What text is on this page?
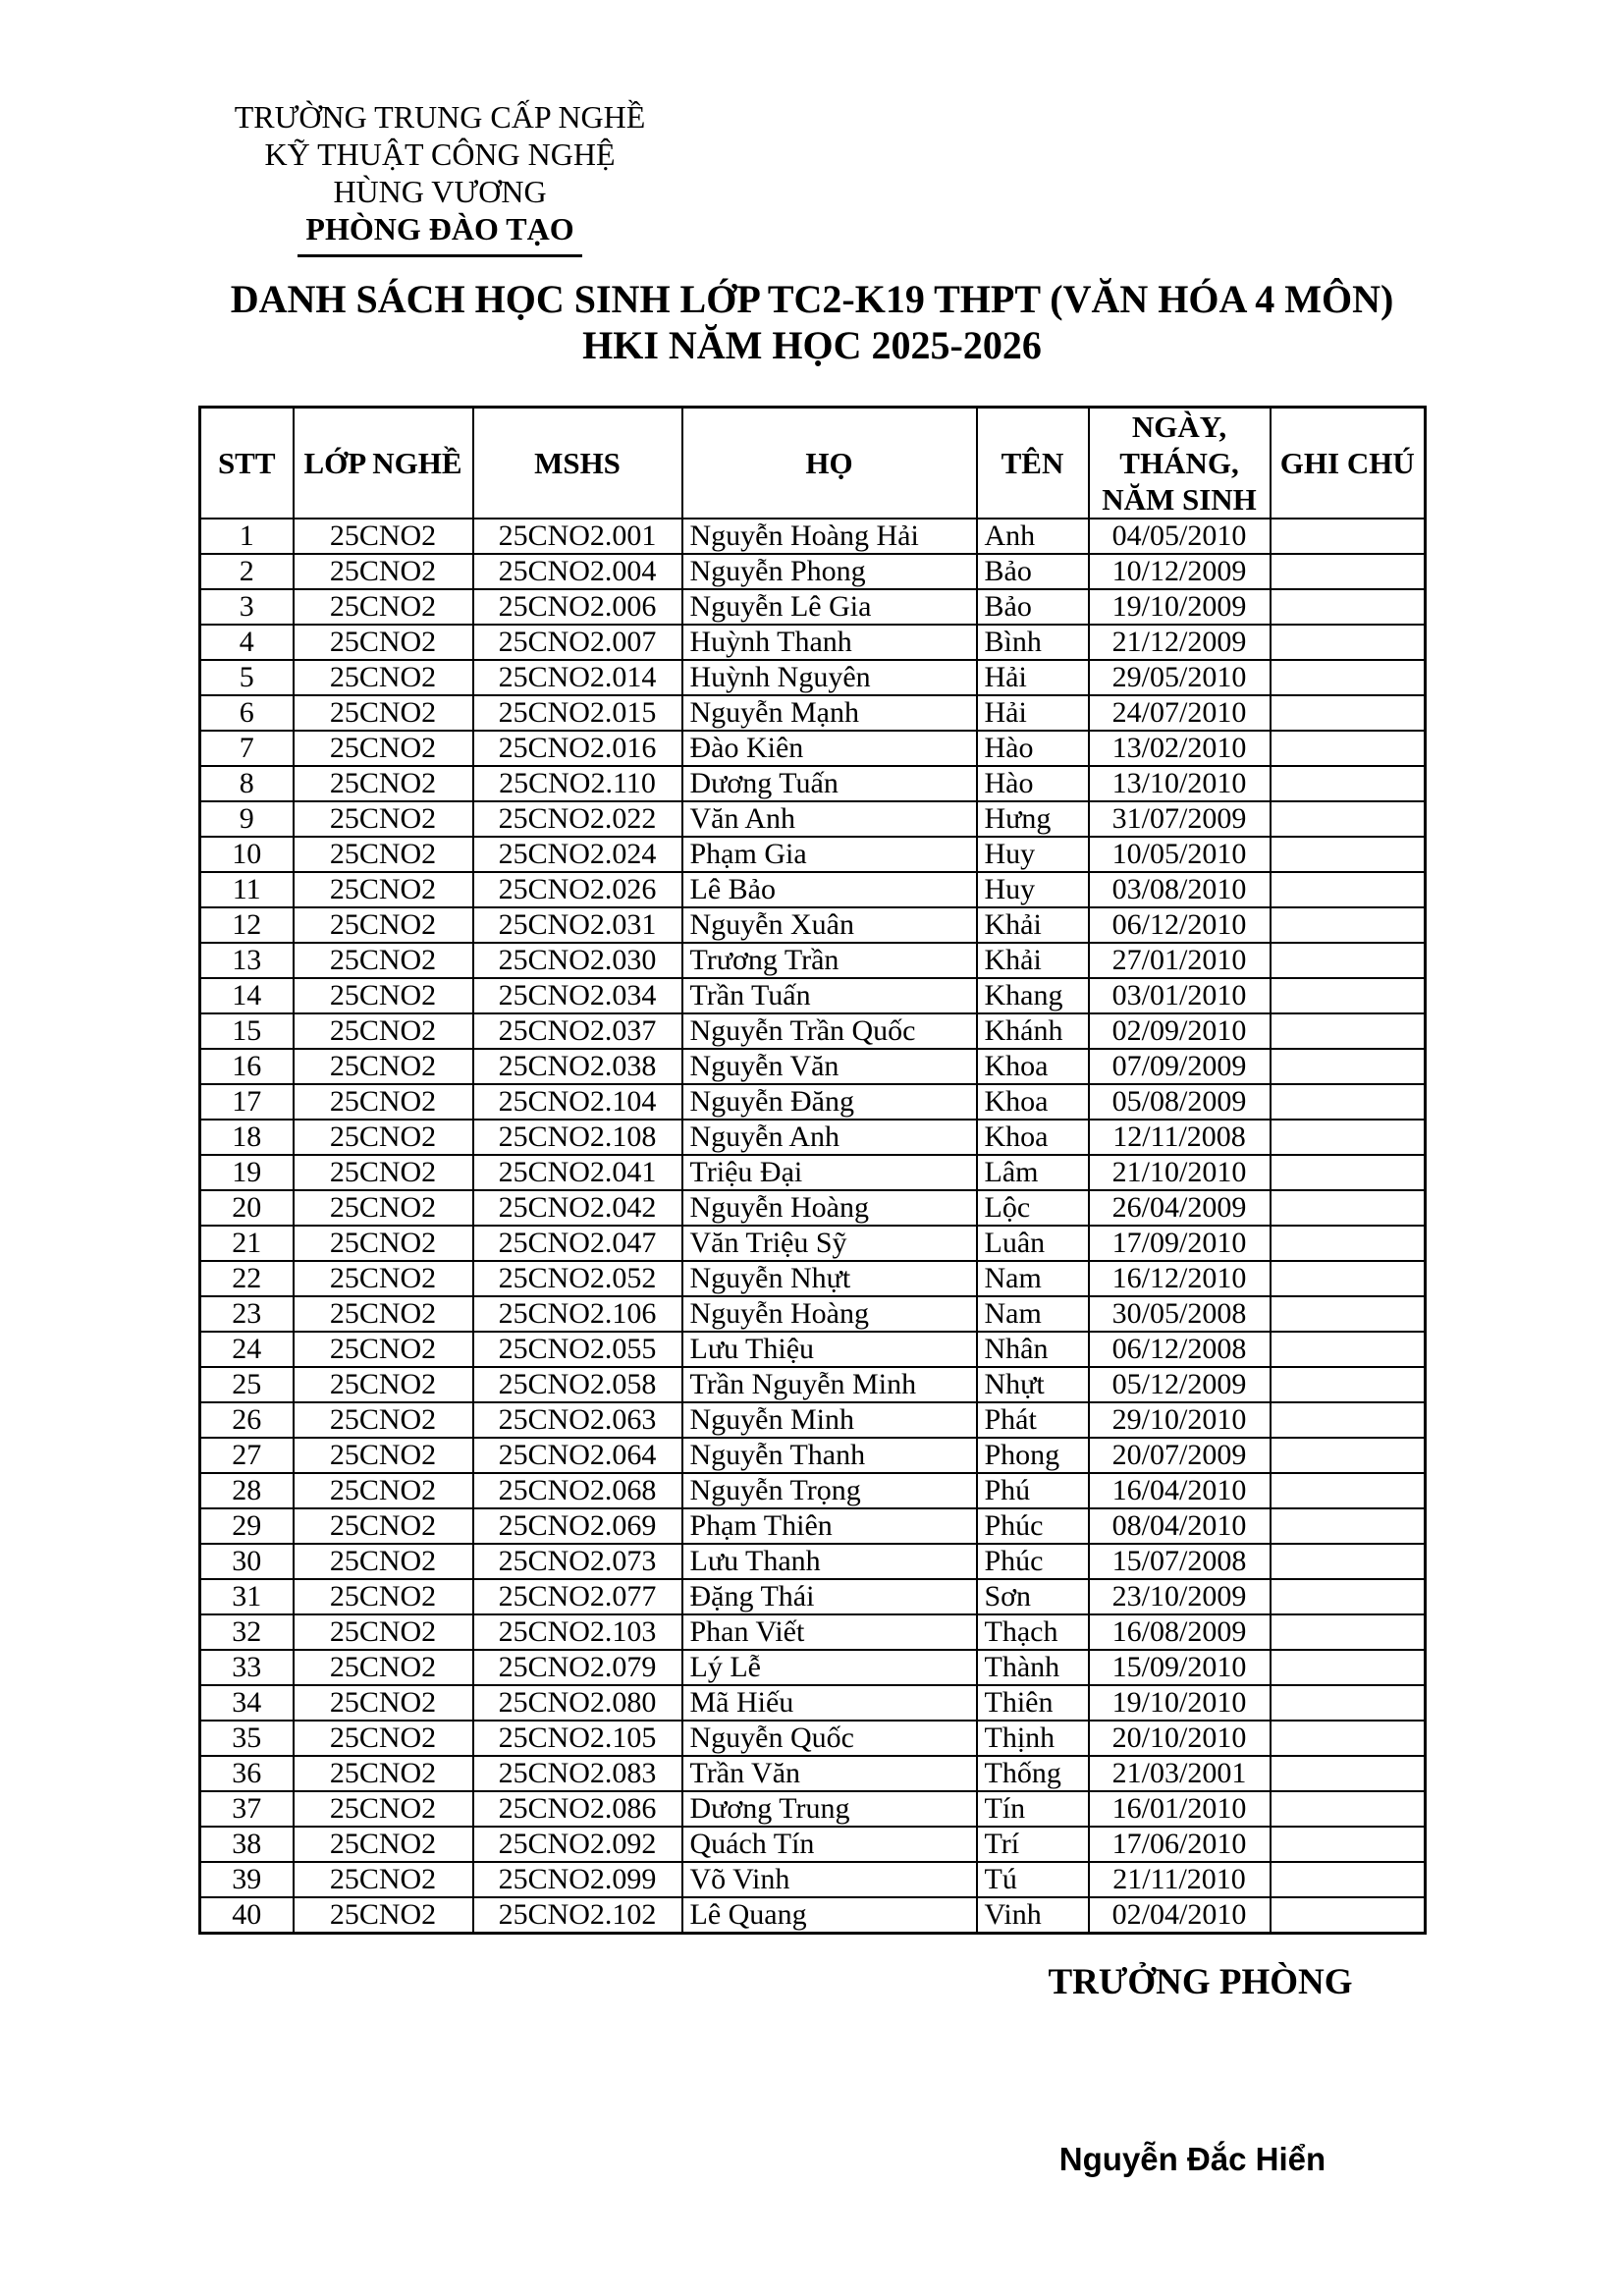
TRƯỜNG TRUNG CẤP NGHỀ
KỸ THUẬT CÔNG NGHỆ
HÙNG VƯƠNG
PHÒNG ĐÀO TẠO
DANH SÁCH HỌC SINH LỚP TC2-K19 THPT (VĂN HÓA 4 MÔN)
HKI NĂM HỌC 2025-2026
STT	LỚP NGHỀ	MSHS	HỌ	TÊN	NGÀY, THÁNG, NĂM SINH	GHI CHÚ
1	25CNO2	25CNO2.001	Nguyễn Hoàng Hải	Anh	04/05/2010	
2	25CNO2	25CNO2.004	Nguyễn Phong	Bảo	10/12/2009	
3	25CNO2	25CNO2.006	Nguyễn Lê Gia	Bảo	19/10/2009	
4	25CNO2	25CNO2.007	Huỳnh Thanh	Bình	21/12/2009	
5	25CNO2	25CNO2.014	Huỳnh Nguyên	Hải	29/05/2010	
6	25CNO2	25CNO2.015	Nguyễn Mạnh	Hải	24/07/2010	
7	25CNO2	25CNO2.016	Đào Kiên	Hào	13/02/2010	
8	25CNO2	25CNO2.110	Dương Tuấn	Hào	13/10/2010	
9	25CNO2	25CNO2.022	Văn Anh	Hưng	31/07/2009	
10	25CNO2	25CNO2.024	Phạm Gia	Huy	10/05/2010	
11	25CNO2	25CNO2.026	Lê Bảo	Huy	03/08/2010	
12	25CNO2	25CNO2.031	Nguyễn Xuân	Khải	06/12/2010	
13	25CNO2	25CNO2.030	Trương Trần	Khải	27/01/2010	
14	25CNO2	25CNO2.034	Trần Tuấn	Khang	03/01/2010	
15	25CNO2	25CNO2.037	Nguyễn Trần Quốc	Khánh	02/09/2010	
16	25CNO2	25CNO2.038	Nguyễn Văn	Khoa	07/09/2009	
17	25CNO2	25CNO2.104	Nguyễn Đăng	Khoa	05/08/2009	
18	25CNO2	25CNO2.108	Nguyễn Anh	Khoa	12/11/2008	
19	25CNO2	25CNO2.041	Triệu Đại	Lâm	21/10/2010	
20	25CNO2	25CNO2.042	Nguyễn Hoàng	Lộc	26/04/2009	
21	25CNO2	25CNO2.047	Văn Triệu Sỹ	Luân	17/09/2010	
22	25CNO2	25CNO2.052	Nguyễn Nhựt	Nam	16/12/2010	
23	25CNO2	25CNO2.106	Nguyễn Hoàng	Nam	30/05/2008	
24	25CNO2	25CNO2.055	Lưu Thiệu	Nhân	06/12/2008	
25	25CNO2	25CNO2.058	Trần Nguyễn Minh	Nhựt	05/12/2009	
26	25CNO2	25CNO2.063	Nguyễn Minh	Phát	29/10/2010	
27	25CNO2	25CNO2.064	Nguyễn Thanh	Phong	20/07/2009	
28	25CNO2	25CNO2.068	Nguyễn Trọng	Phú	16/04/2010	
29	25CNO2	25CNO2.069	Phạm Thiên	Phúc	08/04/2010	
30	25CNO2	25CNO2.073	Lưu Thanh	Phúc	15/07/2008	
31	25CNO2	25CNO2.077	Đặng Thái	Sơn	23/10/2009	
32	25CNO2	25CNO2.103	Phan Viết	Thạch	16/08/2009	
33	25CNO2	25CNO2.079	Lý Lễ	Thành	15/09/2010	
34	25CNO2	25CNO2.080	Mã Hiếu	Thiên	19/10/2010	
35	25CNO2	25CNO2.105	Nguyễn Quốc	Thịnh	20/10/2010	
36	25CNO2	25CNO2.083	Trần Văn	Thống	21/03/2001	
37	25CNO2	25CNO2.086	Dương Trung	Tín	16/01/2010	
38	25CNO2	25CNO2.092	Quách Tín	Trí	17/06/2010	
39	25CNO2	25CNO2.099	Võ Vinh	Tú	21/11/2010	
40	25CNO2	25CNO2.102	Lê Quang	Vinh	02/04/2010	
TRƯỞNG PHÒNG
Nguyễn Đắc Hiển
